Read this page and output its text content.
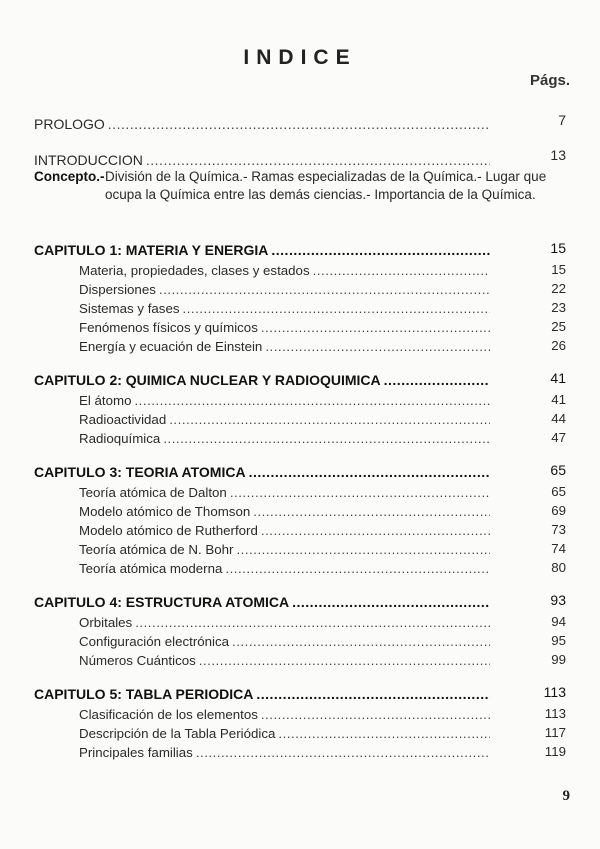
INDICE
Págs.
PROLOGO .....	7
INTRODUCCION .....	13
Concepto.- División de la Química.- Ramas especializadas de la Química.- Lugar que ocupa la Química entre las demás ciencias.- Importancia de la Química.
CAPITULO 1: MATERIA Y ENERGIA .....	15
Materia, propiedades, clases y estados .....	15
Dispersiones .....	22
Sistemas y fases .....	23
Fenómenos físicos y químicos .....	25
Energía y ecuación de Einstein .....	26
CAPITULO 2: QUIMICA NUCLEAR Y RADIOQUIMICA .....	41
El átomo .....	41
Radioactividad .....	44
Radioquímica .....	47
CAPITULO 3: TEORIA ATOMICA .....	65
Teoría atómica de Dalton .....	65
Modelo atómico de Thomson .....	69
Modelo atómico de Rutherford .....	73
Teoría atómica de N. Bohr .....	74
Teoría atómica moderna .....	80
CAPITULO 4: ESTRUCTURA ATOMICA .....	93
Orbitales .....	94
Configuración electrónica .....	95
Números Cuánticos .....	99
CAPITULO 5: TABLA PERIODICA .....	113
Clasificación de los elementos .....	113
Descripción de la Tabla Periódica .....	117
Principales familias .....	119
9
